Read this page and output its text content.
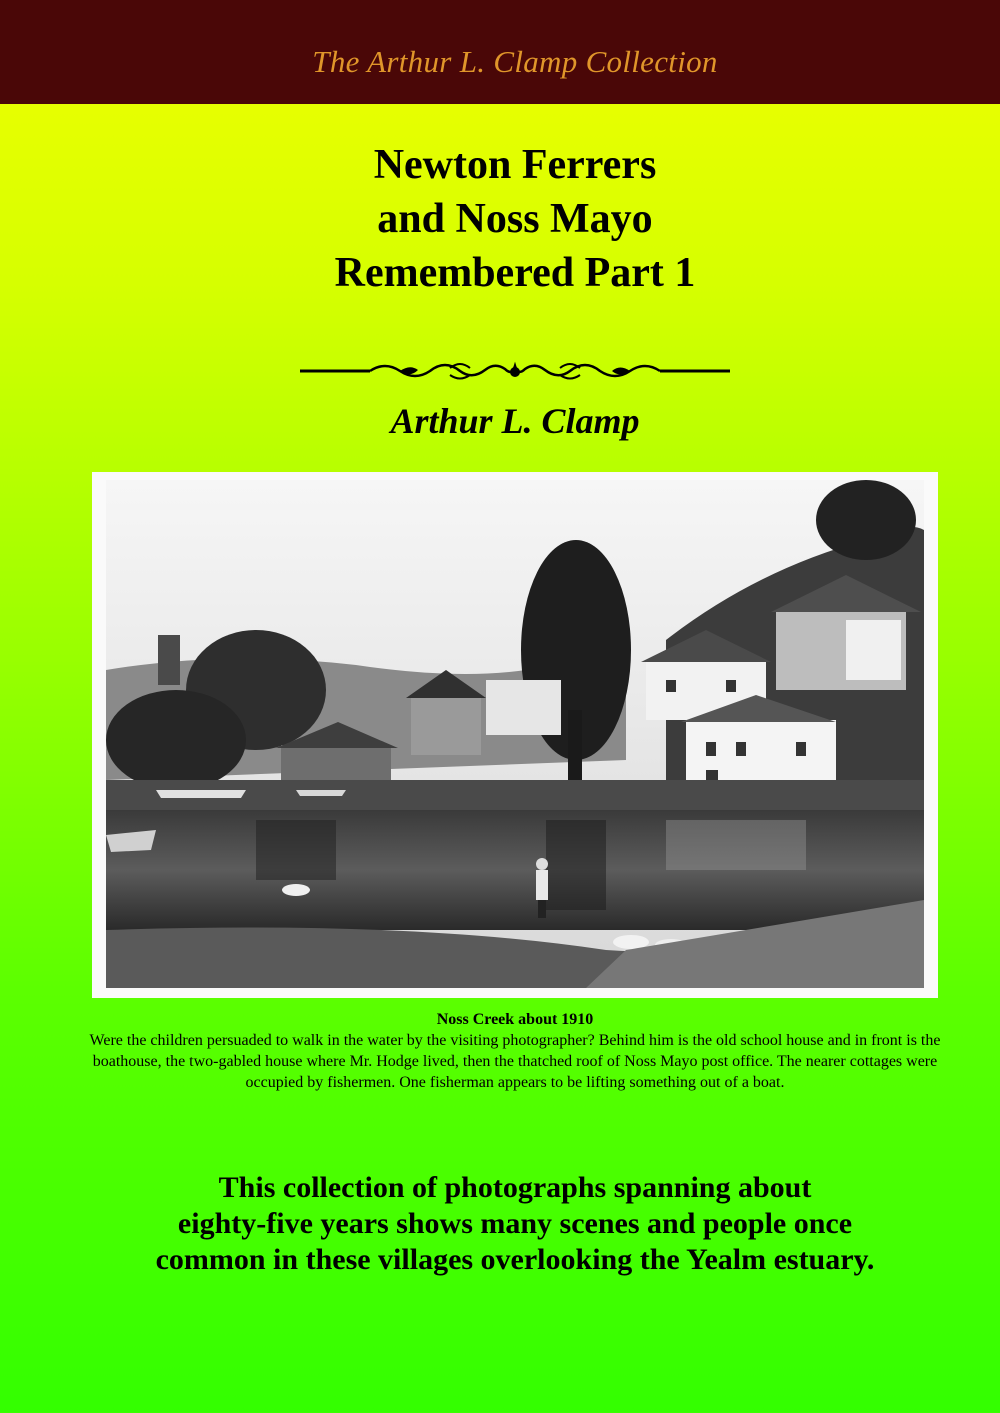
The Arthur L. Clamp Collection
Newton Ferrers
and Noss Mayo
Remembered Part 1
Arthur L. Clamp
Noss Creek about 1910
Were the children persuaded to walk in the water by the visiting photographer? Behind him is the old school house and in front is the boathouse, the two-gabled house where Mr. Hodge lived, then the thatched roof of Noss Mayo post office. The nearer cottages were occupied by fishermen. One fisherman appears to be lifting something out of a boat.
This collection of photographs spanning about
eighty-five years shows many scenes and people once
common in these villages overlooking the Yealm estuary.
